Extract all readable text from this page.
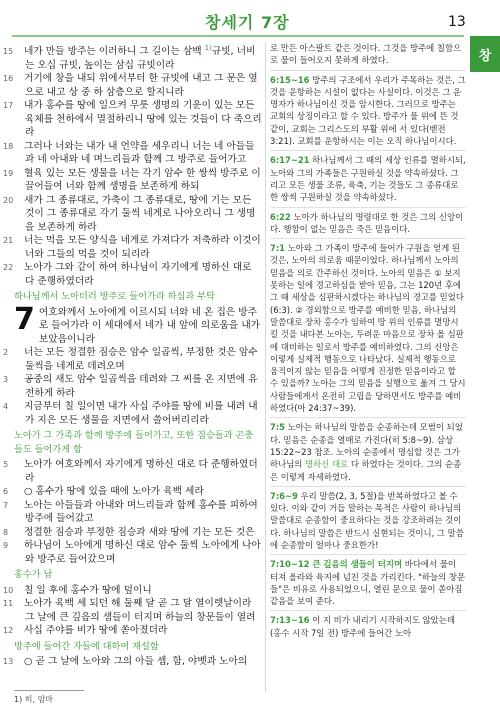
창세기 7장	13
창
15 네가 만들 방주는 이러하니 그 길이는 삼백 $^{1)}$규빗, 너비는 오십 규빗, 높이는 삼십 규빗이라
16 거기에 창을 내되 위에서부터 한 규빗에 내고 그 문은 옆으로 내고 상 중 하 삼층으로 할지니라
17 내가 홍수를 땅에 일으켜 무릇 생명의 기운이 있는 모든 육체를 천하에서 멸절하리니 땅에 있는 것들이 다 죽으리라
18 그러나 너와는 내가 내 언약을 세우리니 너는 네 아들들과 네 아내와 네 며느리들과 함께 그 방주로 들어가고
19 혈육 있는 모든 생물을 너는 각기 암수 한 쌍씩 방주로 이끌어들여 너와 함께 생명을 보존하게 하되
20 새가 그 종류대로, 가축이 그 종류대로, 땅에 기는 모든 것이 그 종류대로 각기 둘씩 네게로 나아오리니 그 생명을 보존하게 하라
21 너는 먹을 모든 양식을 네게로 가져다가 저축하라 이것이 너와 그들의 먹을 것이 되리라
22 노아가 그와 같이 하여 하나님이 자기에게 명하신 대로 다 준행하였더라
하나님께서 노아더러 방주로 들어가라 하심과 부탁
7 여호와께서 노아에게 이르시되 너와 네 온 집은 방주로 들어가라 이 세대에서 네가 내 앞에 의로움을 내가 보았음이니라
2 너는 모든 정결한 짐승은 암수 일곱씩, 부정한 것은 암수 둘씩을 네게로 데려오며
3 공중의 새도 암수 일곱씩을 데려와 그 씨를 온 지면에 유전하게 하라
4 지금부터 칠 일이면 내가 사십 주야를 땅에 비를 내려 내가 지은 모든 생물을 지면에서 쓸어버리리라
노아가 그 가족과 함께 방주에 들어가고, 또한 짐승들과 곤충들도 들어가게 함
5 노아가 여호와께서 자기에게 명하신 대로 다 준행하였더라
6 ○ 홍수가 땅에 있을 때에 노아가 육백 세라
7 노아는 아들들과 아내와 며느리들과 함께 홍수를 피하여 방주에 들어갔고
8 정결한 짐승과 부정한 짐승과 새와 땅에 기는 모든 것은
9 하나님이 노아에게 명하신 대로 암수 둘씩 노아에게 나아와 방주로 들어갔으며
홍수가 남
10 칠 일 후에 홍수가 땅에 덮이니
11 노아가 육백 세 되던 해 둘째 달 곧 그 달 열이렛날이라 그 날에 큰 깊음의 샘들이 터지며 하늘의 창문들이 열려
12 사십 주야를 비가 땅에 쏟아졌더라
방주에 들어간 자들에 대하여 재설함
13 ○ 곧 그 날에 노아와 그의 아들 셈, 함, 야벳과 노아의

로 만든 아스팔트 같은 것이다. 그것을 방주에 칠함으로 물이 들어오지 못하게 하였다.

6:15~16 방주의 구조에서 우리가 주목하는 것은, 그것을 운항하는 시설이 없다는 사실이다. 이것은 그 운명자가 하나님이신 것을 암시한다. 그러므로 방주는 교회의 상징이라고 할 수 있다. 방주가 물 위에 뜬 것 같이, 교회는 그리스도의 부활 위에 서 있다(벧전 3:21). 교회를 운항하시는 이는 오직 하나님이시다.

6:17~21 하나님께서 그 때의 세상 인류를 멸하시되, 노아와 그의 가족들은 구원하실 것을 약속하셨다. 그리고 모든 생물 조류, 육축, 기는 것들도 그 종류대로 한 쌍씩 구원하실 것을 약속하셨다.

6:22 노아가 하나님의 명령대로 한 것은 그의 신앙이다. 행함이 없는 믿음은 죽은 믿음이다.

7:1 노아와 그 가족이 방주에 들어가 구원을 얻게 된 것은, 노아의 의로움 때문이었다. 하나님께서 노아의 믿음을 의로 간주하신 것이다. 노아의 믿음은 ① 보지 못하는 일에 경고하심을 받아 믿음, 그는 120년 후에 그 때 세상을 심판하시겠다는 하나님의 경고를 믿었다(6:3). ② 경외함으로 방주를 예비한 믿음, 하나님의 말씀대로 장차 홍수가 임하여 땅 위의 인류를 멸망시킬 것을 내다본 노아는, 두려운 마음으로 장차 올 심판에 대비하는 일로서 방주를 예비하였다. 그의 신앙은 이렇게 실제적 행동으로 나타났다. 실제적 행동으로 움직이지 않는 믿음을 어떻게 진정한 믿음이라고 할 수 있을까? 노아는 그의 믿음을 실행으로 옮겨 그 당시 사람들에게서 온전히 고립을 당하면서도 방주를 예비하였다(마 24:37~39).

7:5 노아는 하나님의 말씀을 순종하는데 모범이 되었다. 믿음은 순종을 열매로 가진다(히 5:8~9). 삼상 15:22~23 참조. 노아의 순종에서 명심할 것은 그가 하나님의 명하신 대로 다 하였다는 것이다. 그의 순종은 이렇게 자세하였다.

7:6~9 우리 말씀(2, 3, 5절)을 반복하였다고 볼 수 있다. 이와 같이 거듭 말하는 목적은 사람이 하나님의 말씀대로 순종함이 중요하다는 것을 강조하려는 것이다. 하나님의 말씀은 반드시 실현되는 것이니, 그 말씀에 순종함이 얼마나 중요한가!

7:10~12 큰 깊음의 샘들이 터지며 바다에서 물이 터져 올라와 육지에 넘친 것을 가리킨다. "하늘의 창문들"은 비유로 사용되었으니, 열린 문으로 물이 쏟아짐 같음을 보여 준다.

7:13~16 이 지 비가 내리기 시작하지도 않았는데(홍수 시작 7일 전) 방주에 들어간 노아

1) 히, 암마
